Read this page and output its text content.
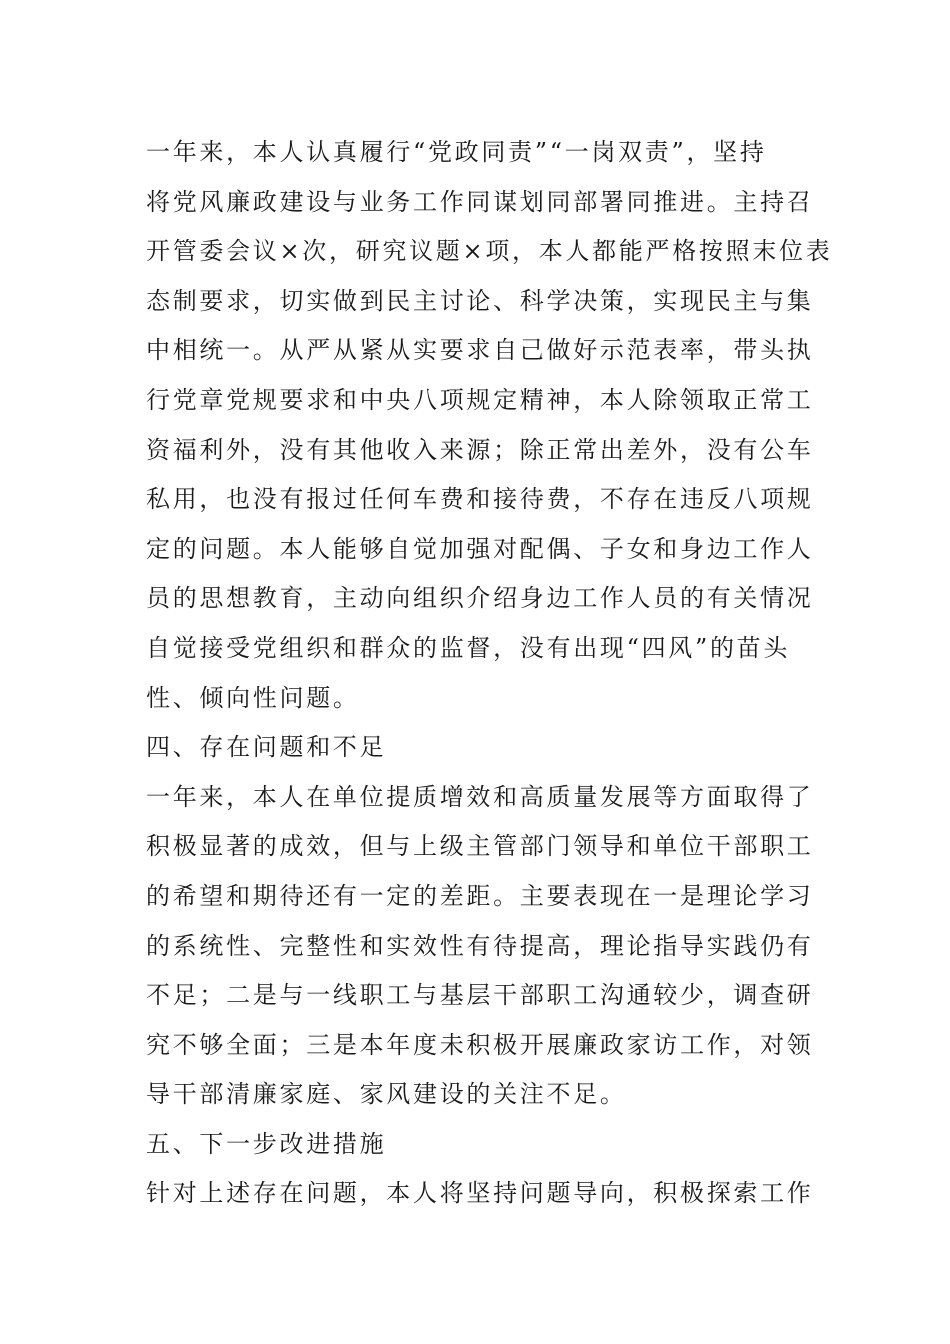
一年来，本人认真履行“党政同责”“一岗双责”，坚持
将党风廉政建设与业务工作同谋划同部署同推进。主持召
开管委会议×次，研究议题×项，本人都能严格按照末位表
态制要求，切实做到民主讨论、科学决策，实现民主与集
中相统一。从严从紧从实要求自己做好示范表率，带头执
行党章党规要求和中央八项规定精神，本人除领取正常工
资福利外，没有其他收入来源；除正常出差外，没有公车
私用，也没有报过任何车费和接待费，不存在违反八项规
定的问题。本人能够自觉加强对配偶、子女和身边工作人
员的思想教育，主动向组织介绍身边工作人员的有关情况
自觉接受党组织和群众的监督，没有出现“四风”的苗头
性、倾向性问题。
四、存在问题和不足
一年来，本人在单位提质增效和高质量发展等方面取得了
积极显著的成效，但与上级主管部门领导和单位干部职工
的希望和期待还有一定的差距。主要表现在一是理论学习
的系统性、完整性和实效性有待提高，理论指导实践仍有
不足；二是与一线职工与基层干部职工沟通较少，调查研
究不够全面；三是本年度未积极开展廉政家访工作，对领
导干部清廉家庭、家风建设的关注不足。
五、下一步改进措施
针对上述存在问题，本人将坚持问题导向，积极探索工作
